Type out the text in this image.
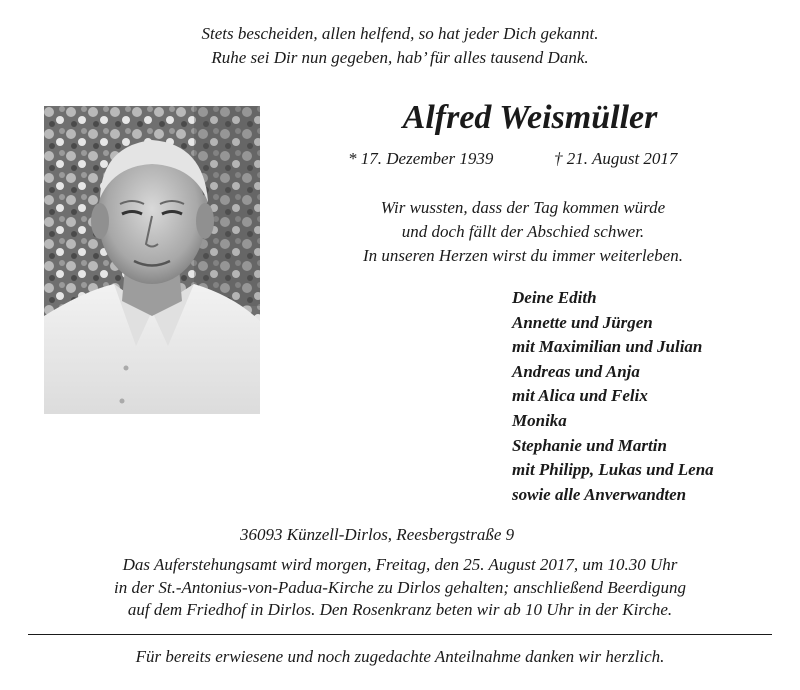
Stets bescheiden, allen helfend, so hat jeder Dich gekannt.
Ruhe sei Dir nun gegeben, hab’ für alles tausend Dank.
Alfred Weismüller
* 17. Dezember 1939	† 21. August 2017
Wir wussten, dass der Tag kommen würde
und doch fällt der Abschied schwer.
In unseren Herzen wirst du immer weiterleben.
Deine Edith
Annette und Jürgen
mit Maximilian und Julian
Andreas und Anja
mit Alica und Felix
Monika
Stephanie und Martin
mit Philipp, Lukas und Lena
sowie alle Anverwandten
36093 Künzell-Dirlos, Reesbergstraße 9
Das Auferstehungsamt wird morgen, Freitag, den 25. August 2017, um 10.30 Uhr
in der St.-Antonius-von-Padua-Kirche zu Dirlos gehalten; anschließend Beerdigung
auf dem Friedhof in Dirlos. Den Rosenkranz beten wir ab 10 Uhr in der Kirche.
Für bereits erwiesene und noch zugedachte Anteilnahme danken wir herzlich.
